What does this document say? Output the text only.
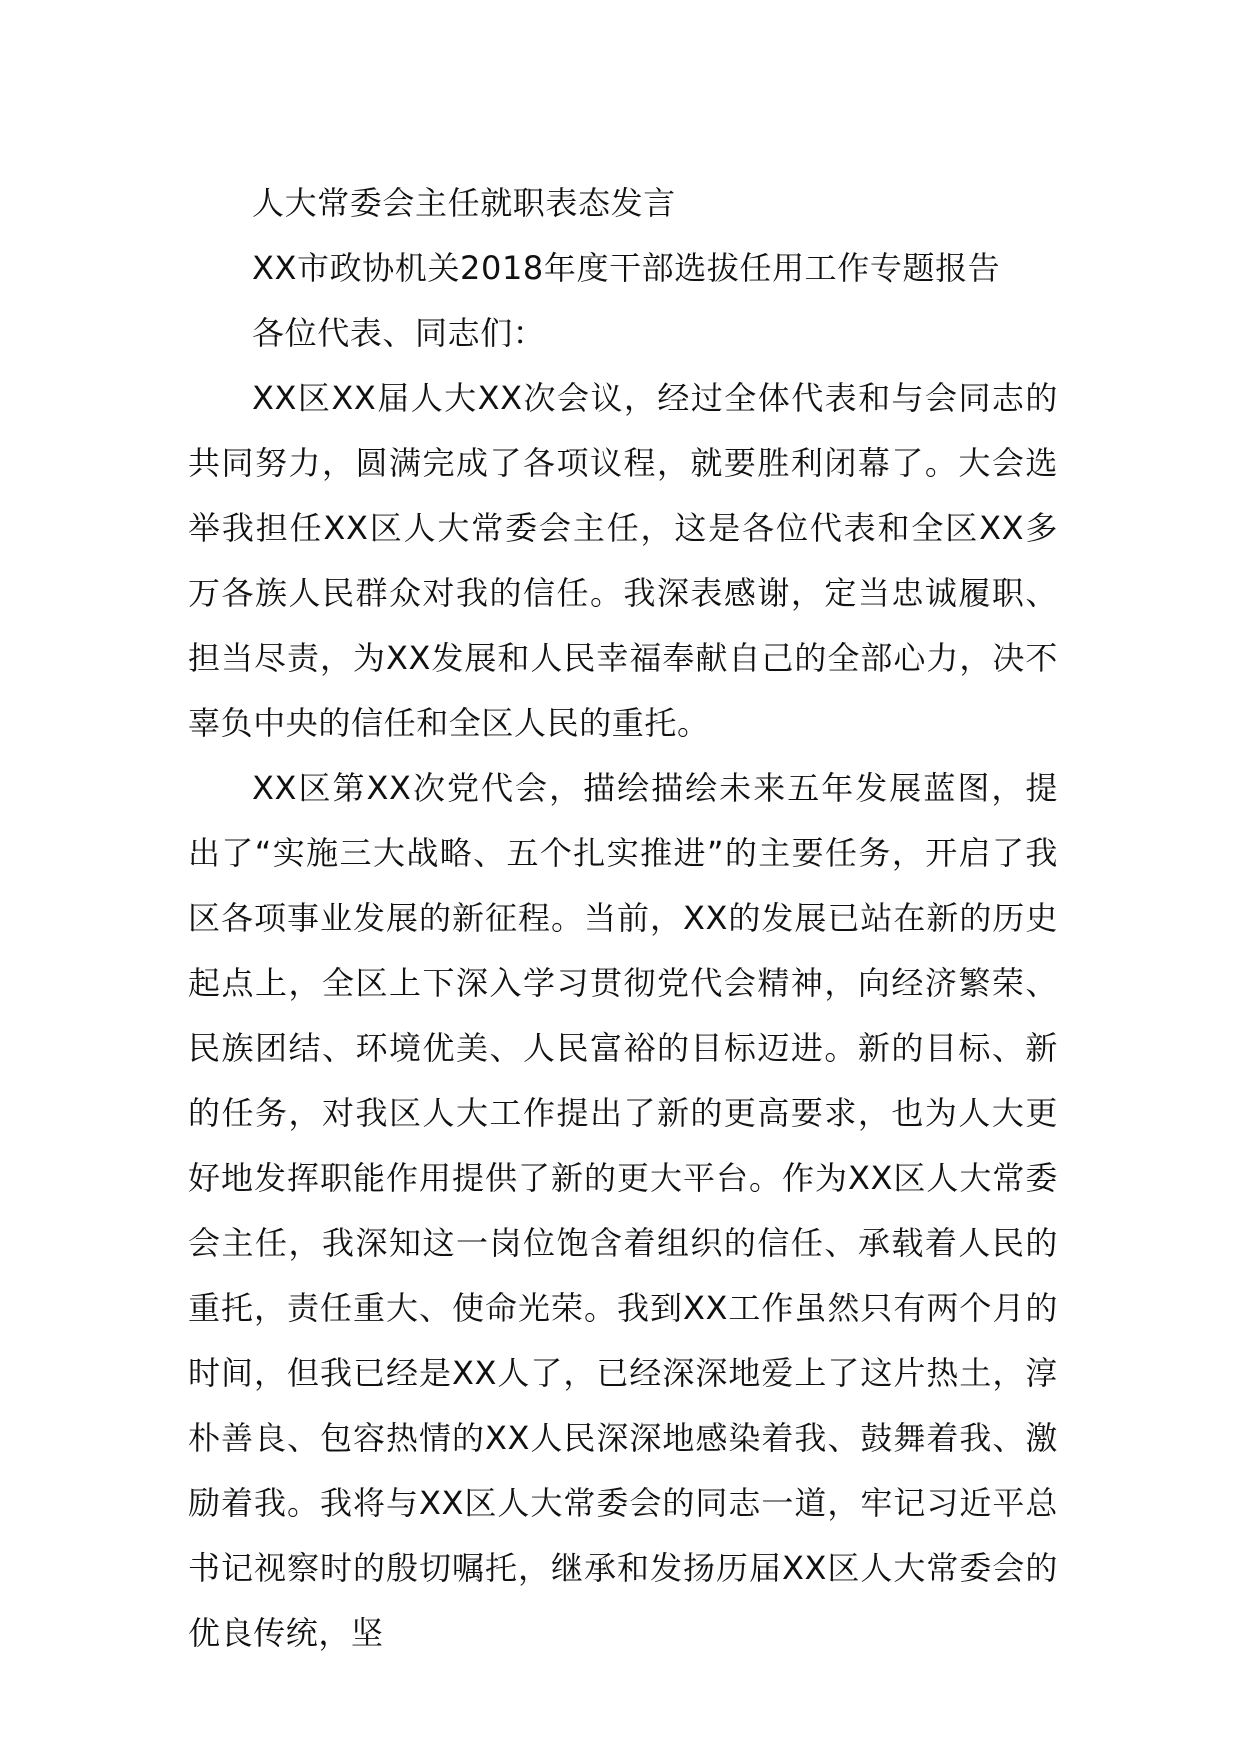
人大常委会主任就职表态发言

XX市政协机关2018年度干部选拔任用工作专题报告

各位代表、同志们：

XX区XX届人大XX次会议，经过全体代表和与会同志的共同努力，圆满完成了各项议程，就要胜利闭幕了。大会选举我担任XX区人大常委会主任，这是各位代表和全区XX多万各族人民群众对我的信任。我深表感谢，定当忠诚履职、担当尽责，为XX发展和人民幸福奉献自己的全部心力，决不辜负中央的信任和全区人民的重托。

XX区第XX次党代会，描绘描绘未来五年发展蓝图，提出了“实施三大战略、五个扎实推进”的主要任务，开启了我区各项事业发展的新征程。当前，XX的发展已站在新的历史起点上，全区上下深入学习贯彻党代会精神，向经济繁荣、民族团结、环境优美、人民富裕的目标迈进。新的目标、新的任务，对我区人大工作提出了新的更高要求，也为人大更好地发挥职能作用提供了新的更大平台。作为XX区人大常委会主任，我深知这一岗位饱含着组织的信任、承载着人民的重托，责任重大、使命光荣。我到XX工作虽然只有两个月的时间，但我已经是XX人了，已经深深地爱上了这片热土，淳朴善良、包容热情的XX人民深深地感染着我、鼓舞着我、激励着我。我将与XX区人大常委会的同志一道，牢记习近平总书记视察时的殷切嘱托，继承和发扬历届XX区人大常委会的优良传统，坚
